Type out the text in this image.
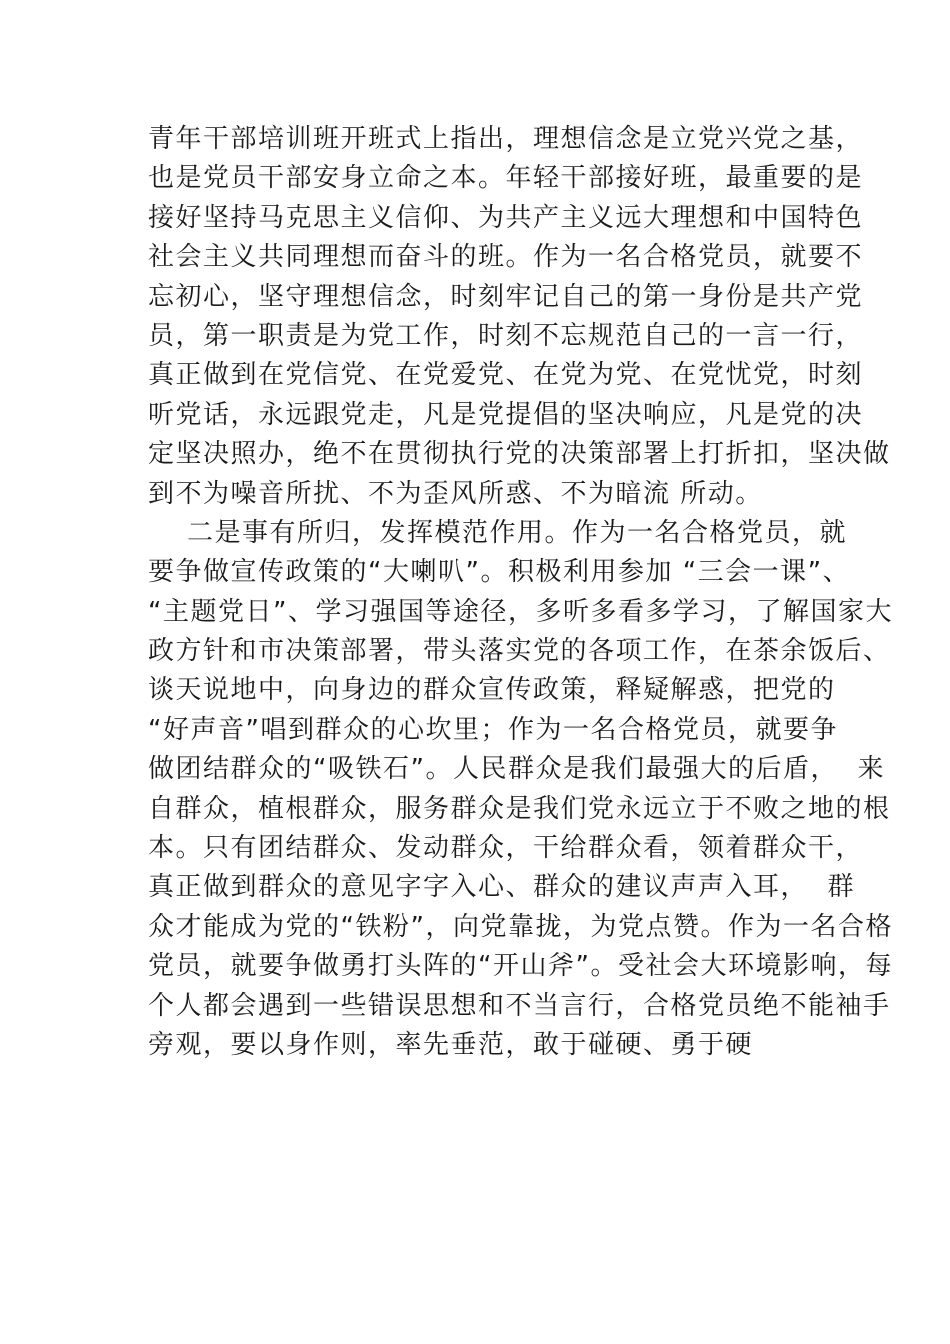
青年干部培训班开班式上指出，理想信念是立党兴党之基，
也是党员干部安身立命之本。年轻干部接好班，最重要的是
接好坚持马克思主义信仰、为共产主义远大理想和中国特色
社会主义共同理想而奋斗的班。作为一名合格党员，就要不
忘初心，坚守理想信念，时刻牢记自己的第一身份是共产党
员，第一职责是为党工作，时刻不忘规范自己的一言一行，
真正做到在党信党、在党爱党、在党为党、在党忧党，时刻
听党话，永远跟党走，凡是党提倡的坚决响应，凡是党的决
定坚决照办，绝不在贯彻执行党的决策部署上打折扣，坚决做
到不为噪音所扰、不为歪风所惑、不为暗流 所动。
二是事有所归，发挥模范作用。作为一名合格党员，就
要争做宣传政策的“大喇叭”。积极利用参加 “三会一课”、
“主题党日”、学习强国等途径，多听多看多学习，了解国家大
政方针和市决策部署，带头落实党的各项工作，在茶余饭后、
谈天说地中，向身边的群众宣传政策，释疑解惑，把党的
“好声音”唱到群众的心坎里；作为一名合格党员，就要争
做团结群众的“吸铁石”。人民群众是我们最强大的后盾，  来
自群众，植根群众，服务群众是我们党永远立于不败之地的根
本。只有团结群众、发动群众，干给群众看，领着群众干，
真正做到群众的意见字字入心、群众的建议声声入耳，  群
众才能成为党的“铁粉”，向党靠拢，为党点赞。作为一名合格
党员，就要争做勇打头阵的“开山斧”。受社会大环境影响，每
个人都会遇到一些错误思想和不当言行，合格党员绝不能袖手
旁观，要以身作则，率先垂范，敢于碰硬、勇于硬
